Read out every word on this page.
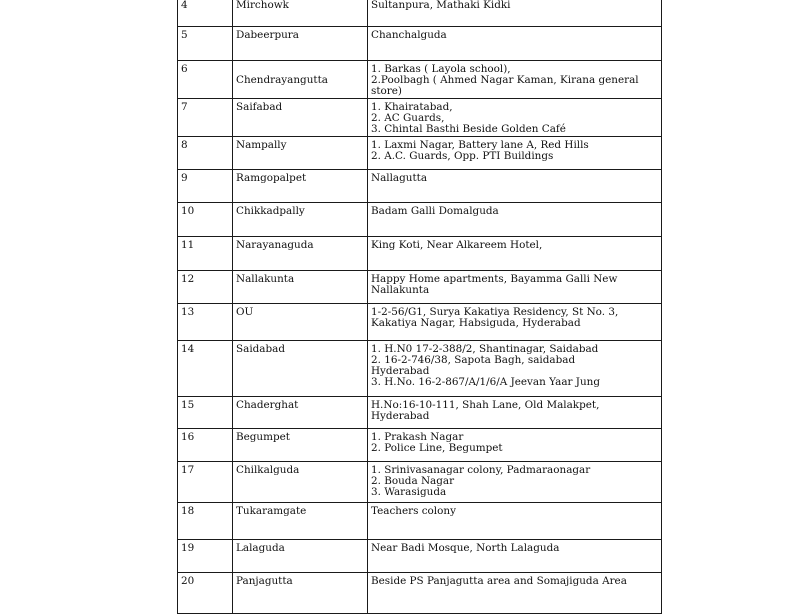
4	Mirchowk	Sultanpura, Mathaki Kidki

5	Dabeerpura	Chanchalguda

6	Chendrayangutta	1. Barkas ( Layola school),
2.Poolbagh ( Ahmed Nagar Kaman, Kirana general
store)

7	Saifabad	1. Khairatabad,
2. AC Guards,
3. Chintal Basthi Beside Golden Café

8	Nampally	1. Laxmi Nagar, Battery lane A, Red Hills
2. A.C. Guards, Opp. PTI Buildings

9	Ramgopalpet	Nallagutta

10	Chikkadpally	Badam Galli Domalguda

11	Narayanaguda	King Koti, Near Alkareem Hotel,

12	Nallakunta	Happy Home apartments, Bayamma Galli New
Nallakunta

13	OU	1-2-56/G1, Surya Kakatiya Residency, St No. 3,
Kakatiya Nagar, Habsiguda, Hyderabad

14	Saidabad	1. H.N0 17-2-388/2, Shantinagar, Saidabad
2. 16-2-746/38, Sapota Bagh, saidabad
Hyderabad
3. H.No. 16-2-867/A/1/6/A Jeevan Yaar Jung

15	Chaderghat	H.No:16-10-111, Shah Lane, Old Malakpet,
Hyderabad

16	Begumpet	1. Prakash Nagar
2. Police Line, Begumpet

17	Chilkalguda	1. Srinivasanagar colony, Padmaraonagar
2. Bouda Nagar
3. Warasiguda

18	Tukaramgate	Teachers colony

19	Lalaguda	Near Badi Mosque, North Lalaguda

20	Panjagutta	Beside PS Panjagutta area and Somajiguda Area
